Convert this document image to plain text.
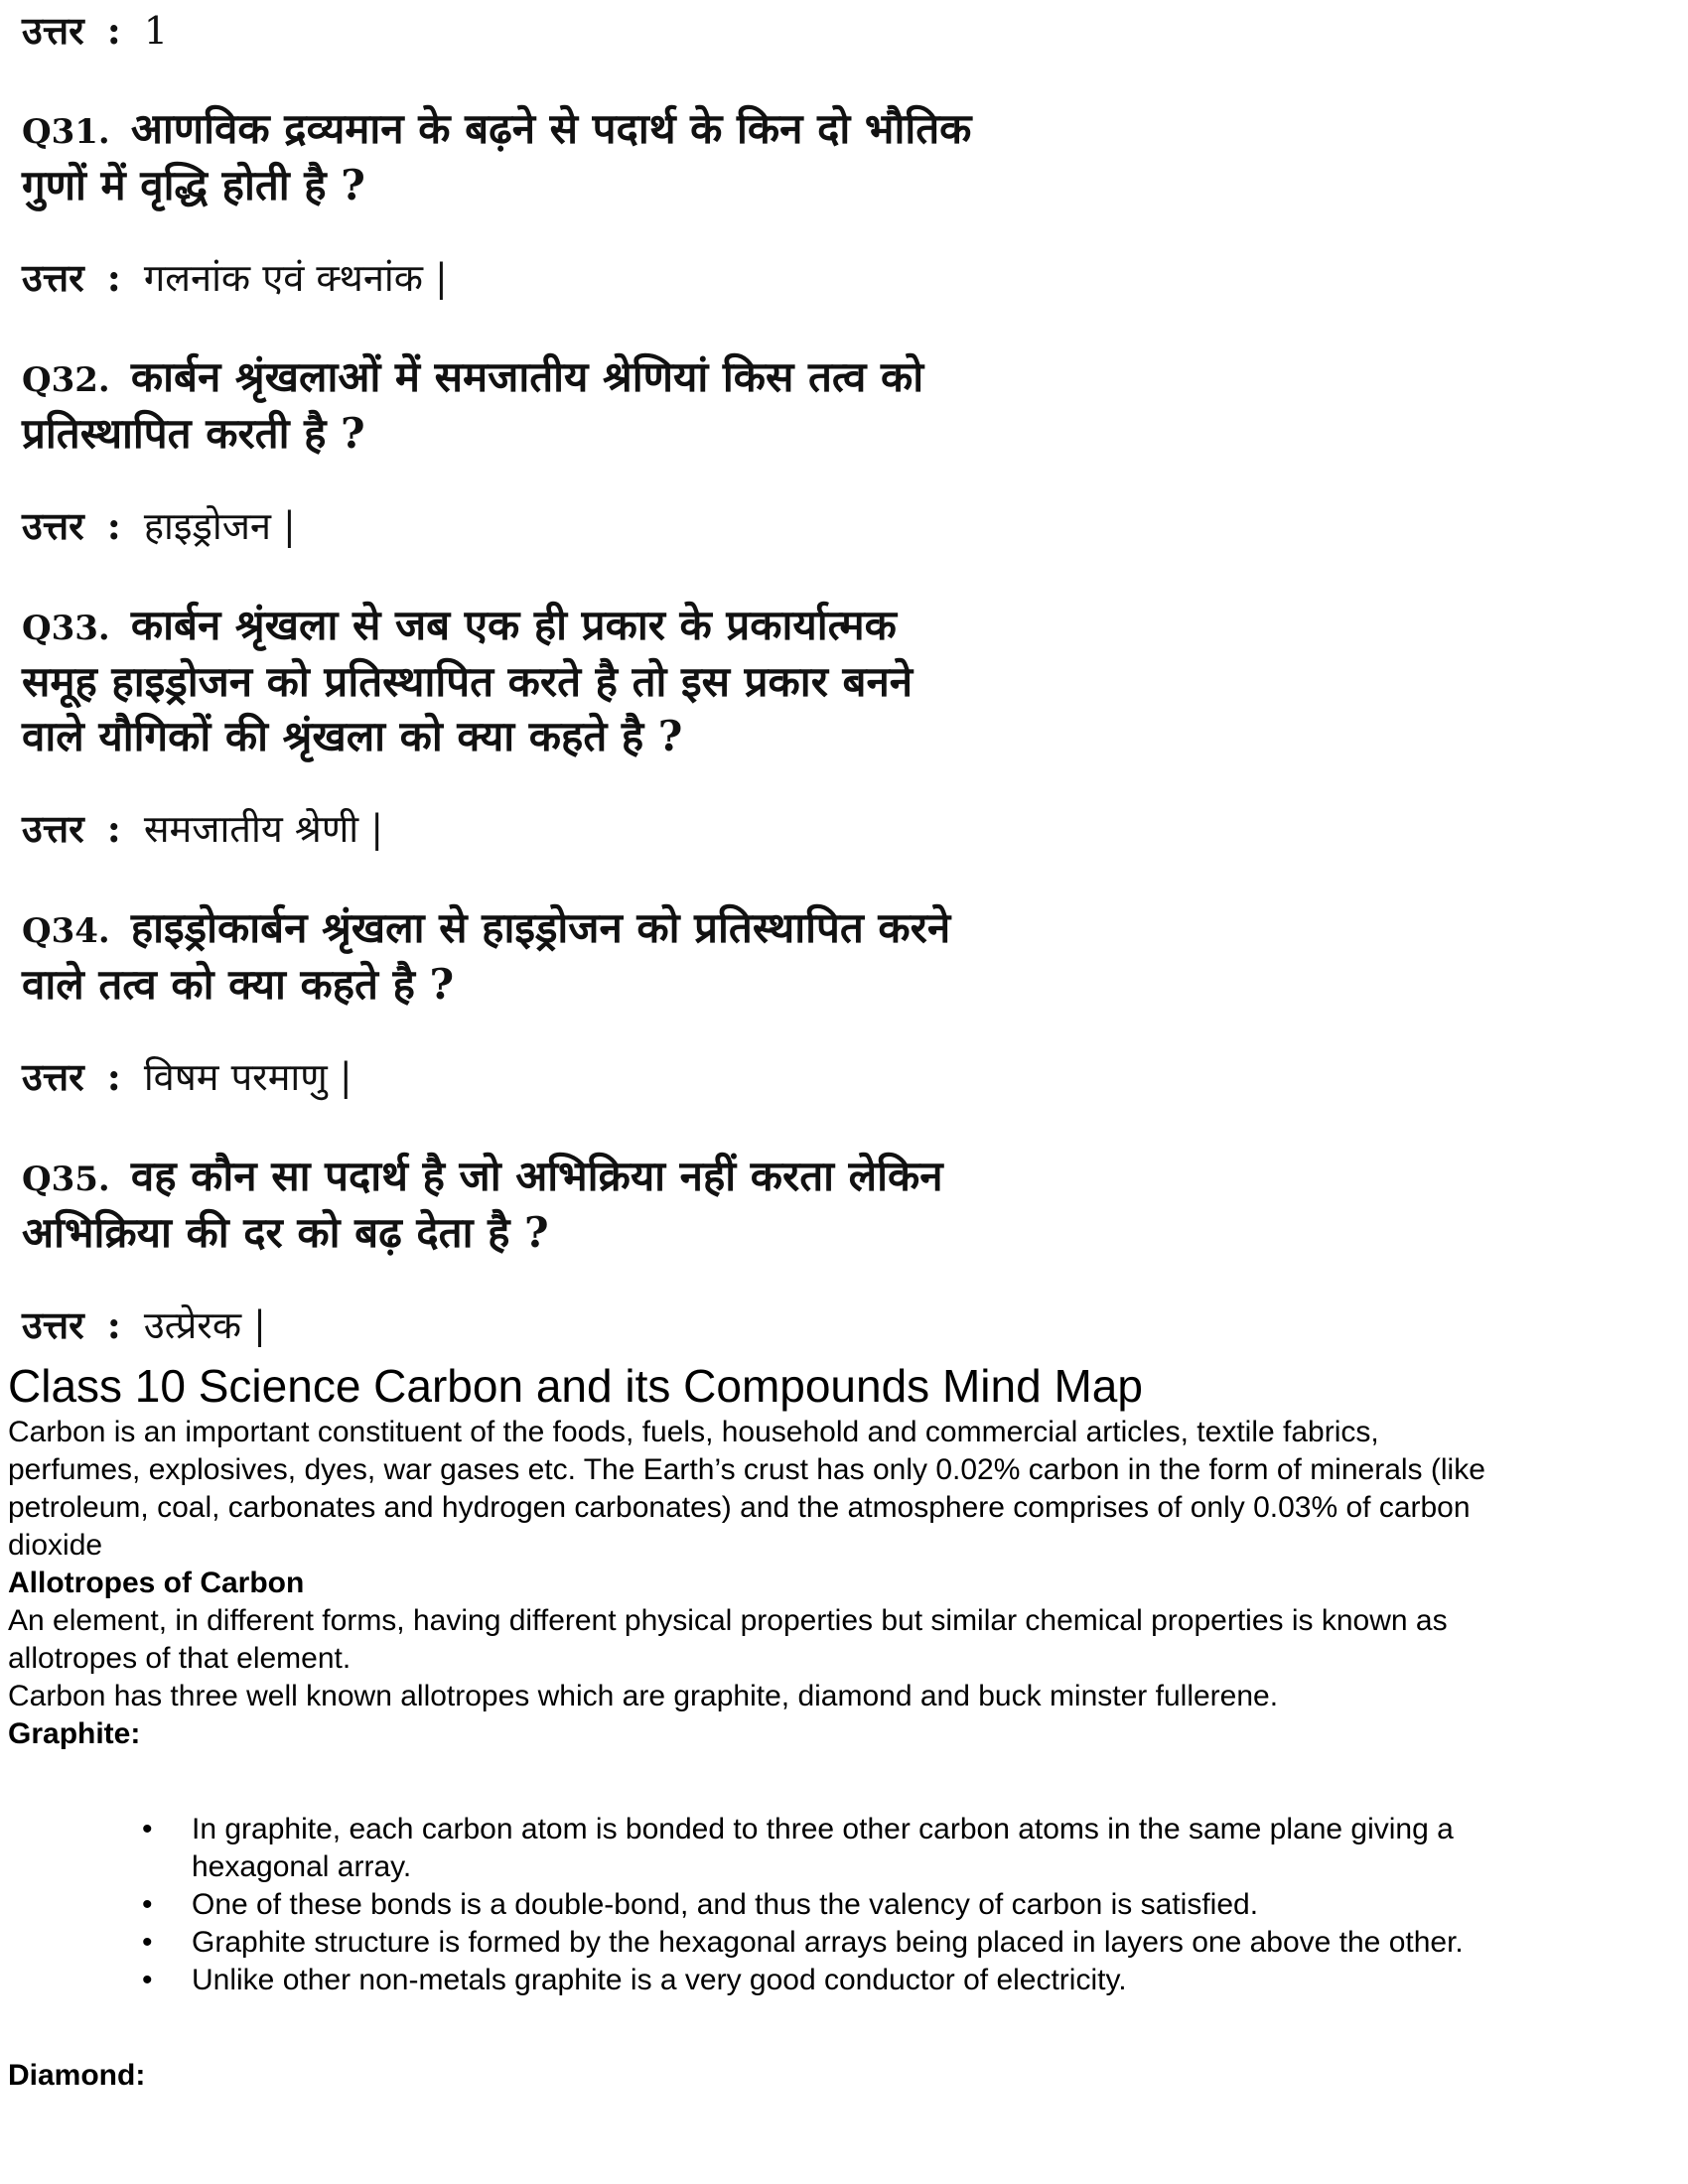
उत्तर : 1
Q31. आणविक द्रव्यमान के बढ़ने से पदार्थ के किन दो भौतिक
गुणों में वृद्धि होती है ?
उत्तर : गलनांक एवं क्‍थनांक |
Q32. कार्बन श्रृंखलाओं में समजातीय श्रेणियां किस तत्व को
प्रतिस्थापित करती है ?
उत्तर : हाइड्रोजन |
Q33. कार्बन श्रृंखला से जब एक ही प्रकार के प्रकार्यात्मक
समूह हाइड्रोजन को प्रतिस्थापित करते है तो इस प्रकार बनने
वाले यौगिकों की श्रृंखला को क्या कहते है ?
उत्तर : समजातीय श्रेणी |
Q34. हाइड्रोकार्बन श्रृंखला से हाइड्रोजन को प्रतिस्थापित करने
वाले तत्व को क्या कहते है ?
उत्तर : विषम परमाणु |
Q35. वह कौन सा पदार्थ है जो अभिक्रिया नहीं करता लेकिन
अभिक्रिया की दर को बढ़ देता है ?
उत्तर : उत्प्रेरक |
Class 10 Science Carbon and its Compounds Mind Map
Carbon is an important constituent of the foods, fuels, household and commercial articles, textile fabrics,
perfumes, explosives, dyes, war gases etc. The Earth’s crust has only 0.02% carbon in the form of minerals (like
petroleum, coal, carbonates and hydrogen carbonates) and the atmosphere comprises of only 0.03% of carbon
dioxide
Allotropes of Carbon
An element, in different forms, having different physical properties but similar chemical properties is known as
allotropes of that element.
Carbon has three well known allotropes which are graphite, diamond and buck minster fullerene.
Graphite:
• In graphite, each carbon atom is bonded to three other carbon atoms in the same plane giving a
hexagonal array.
• One of these bonds is a double-bond, and thus the valency of carbon is satisfied.
• Graphite structure is formed by the hexagonal arrays being placed in layers one above the other.
• Unlike other non-metals graphite is a very good conductor of electricity.
Diamond:
